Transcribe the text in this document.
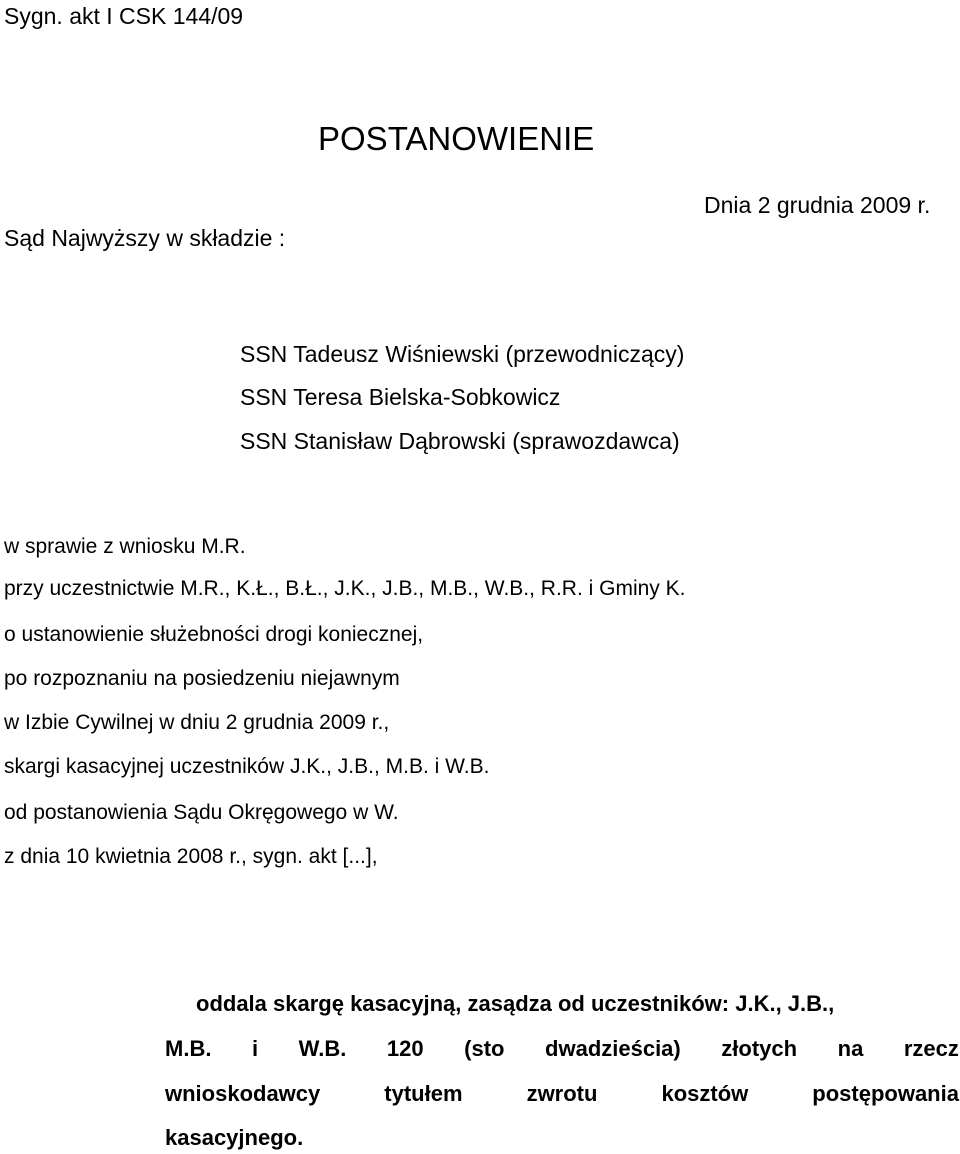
Sygn. akt I CSK 144/09

POSTANOWIENIE

Dnia 2 grudnia 2009 r.

Sąd Najwyższy w składzie :

SSN Tadeusz Wiśniewski (przewodniczący)

SSN Teresa Bielska-Sobkowicz

SSN Stanisław Dąbrowski (sprawozdawca)

w sprawie z wniosku M.R.

przy uczestnictwie M.R., K.Ł., B.Ł., J.K., J.B., M.B., W.B., R.R. i Gminy K.

o ustanowienie służebności drogi koniecznej,

po rozpoznaniu na posiedzeniu niejawnym

w Izbie Cywilnej w dniu 2 grudnia 2009 r.,

skargi kasacyjnej uczestników J.K., J.B., M.B. i W.B.

od postanowienia Sądu Okręgowego w W.

z dnia 10 kwietnia 2008 r., sygn. akt [...],

oddala skargę kasacyjną, zasądza od uczestników: J.K., J.B.,
M.B. i W.B. 120 (sto dwadzieścia) złotych na rzecz
wnioskodawcy	tytułem	zwrotu	kosztów	postępowania
kasacyjnego.
